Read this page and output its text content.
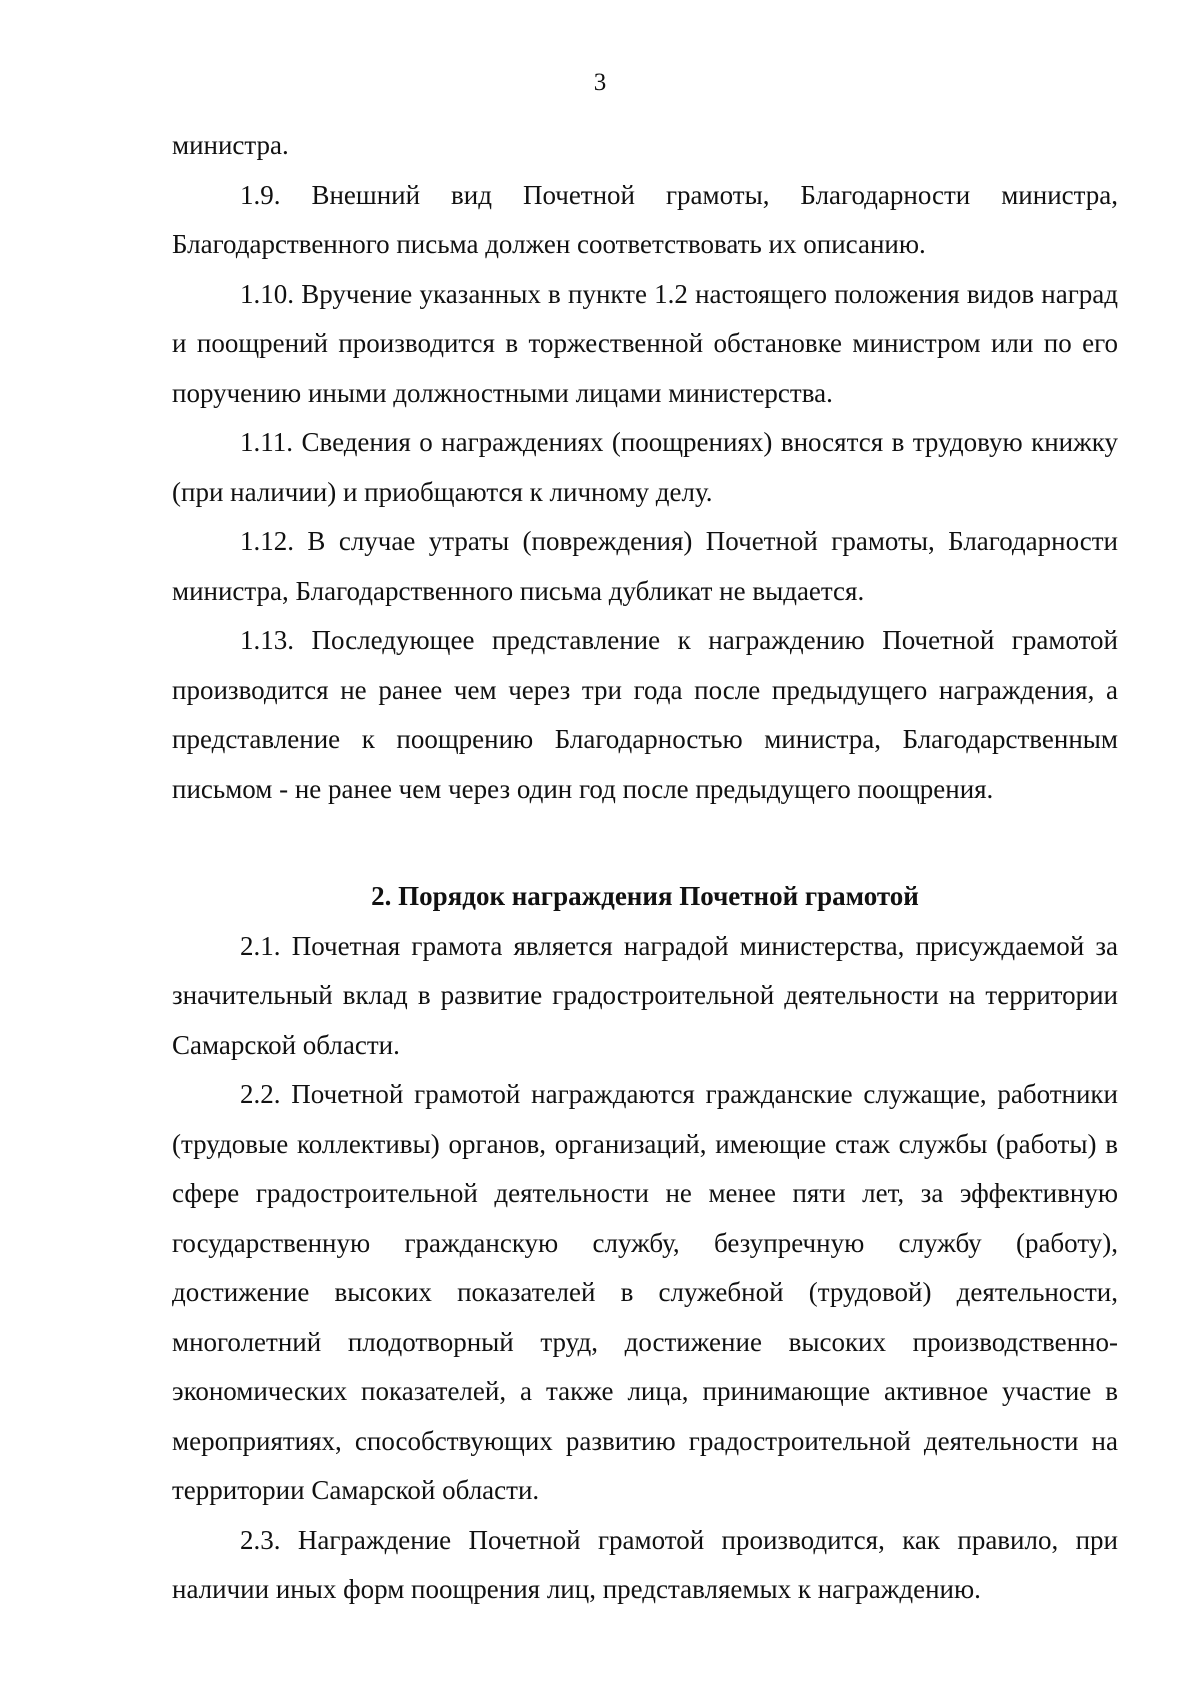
3

министра.

1.9. Внешний вид Почетной грамоты, Благодарности министра, Благодарственного письма должен соответствовать их описанию.

1.10. Вручение указанных в пункте 1.2 настоящего положения видов наград и поощрений производится в торжественной обстановке министром или по его поручению иными должностными лицами министерства.

1.11. Сведения о награждениях (поощрениях) вносятся в трудовую книжку (при наличии) и приобщаются к личному делу.

1.12. В случае утраты (повреждения) Почетной грамоты, Благодарности министра, Благодарственного письма дубликат не выдается.

1.13. Последующее представление к награждению Почетной грамотой производится не ранее чем через три года после предыдущего награждения, а представление к поощрению Благодарностью министра, Благодарственным письмом - не ранее чем через один год после предыдущего поощрения.

2. Порядок награждения Почетной грамотой

2.1. Почетная грамота является наградой министерства, присуждаемой за значительный вклад в развитие градостроительной деятельности на территории Самарской области.

2.2. Почетной грамотой награждаются гражданские служащие, работники (трудовые коллективы) органов, организаций, имеющие стаж службы (работы) в сфере градостроительной деятельности не менее пяти лет, за эффективную государственную гражданскую службу, безупречную службу (работу), достижение высоких показателей в служебной (трудовой) деятельности, многолетний плодотворный труд, достижение высоких производственно-экономических показателей, а также лица, принимающие активное участие в мероприятиях, способствующих развитию градостроительной деятельности на территории Самарской области.

2.3. Награждение Почетной грамотой производится, как правило, при наличии иных форм поощрения лиц, представляемых к награждению.
